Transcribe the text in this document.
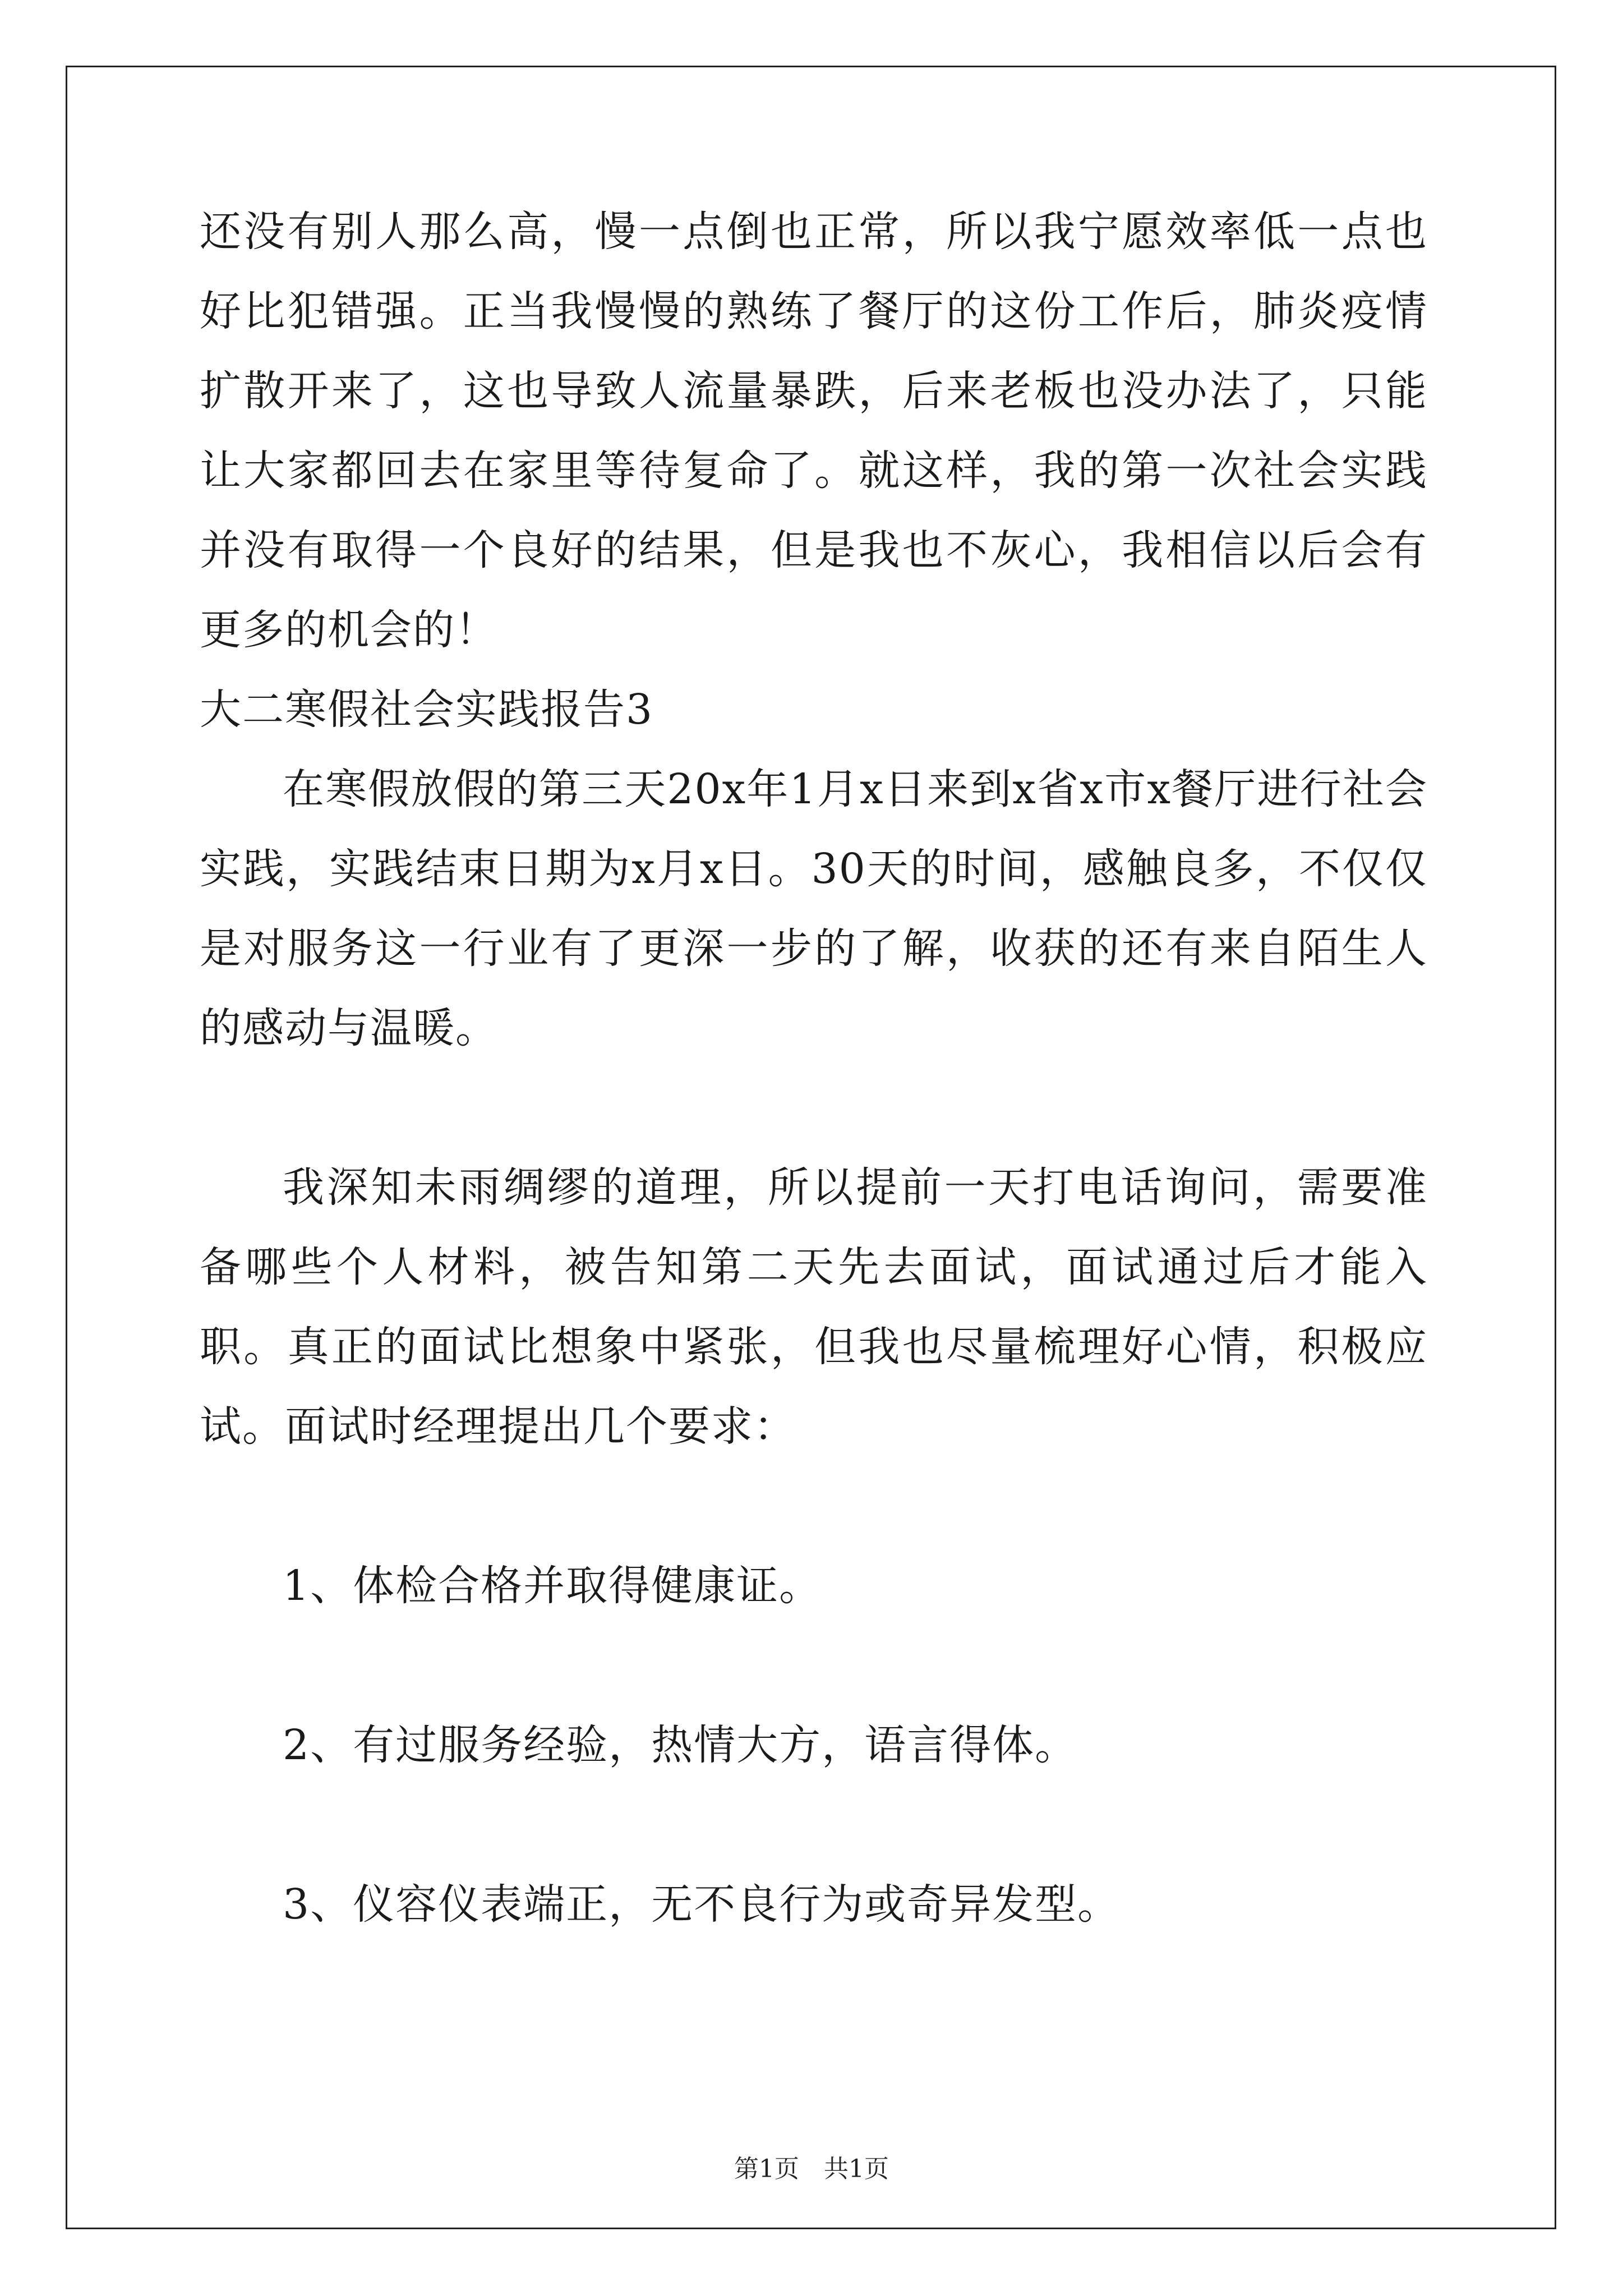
还没有别人那么高，慢一点倒也正常，所以我宁愿效率低一点也好比犯错强。正当我慢慢的熟练了餐厅的这份工作后，肺炎疫情扩散开来了，这也导致人流量暴跌，后来老板也没办法了，只能让大家都回去在家里等待复命了。就这样，我的第一次社会实践并没有取得一个良好的结果，但是我也不灰心，我相信以后会有更多的机会的！

大二寒假社会实践报告3

在寒假放假的第三天20x年1月x日来到x省x市x餐厅进行社会实践，实践结束日期为x月x日。30天的时间，感触良多，不仅仅是对服务这一行业有了更深一步的了解，收获的还有来自陌生人的感动与温暖。

我深知未雨绸缪的道理，所以提前一天打电话询问，需要准备哪些个人材料，被告知第二天先去面试，面试通过后才能入职。真正的面试比想象中紧张，但我也尽量梳理好心情，积极应试。面试时经理提出几个要求：

1、体检合格并取得健康证。

2、有过服务经验，热情大方，语言得体。

3、仪容仪表端正，无不良行为或奇异发型。

第1页　共1页
